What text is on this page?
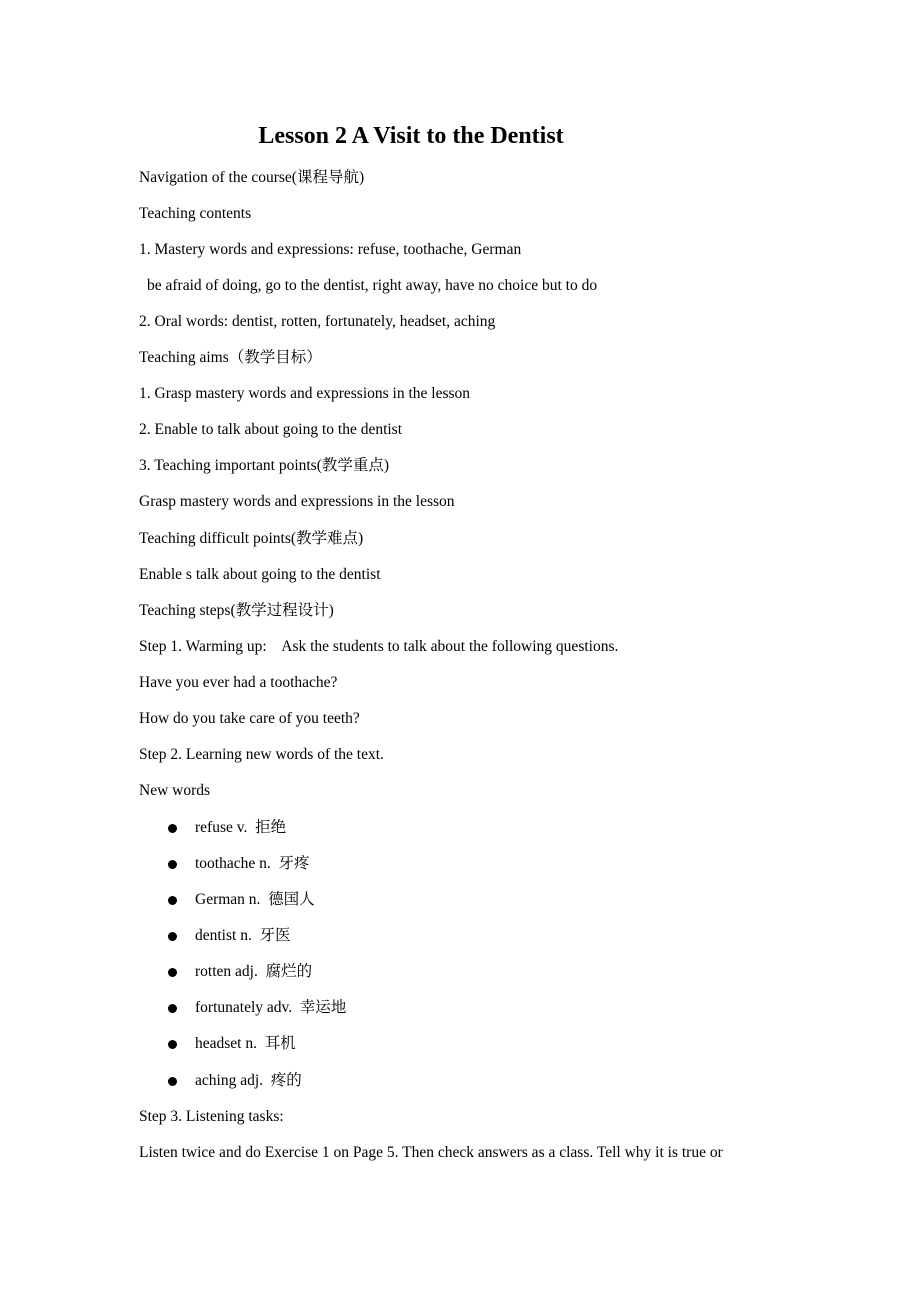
Lesson 2 A Visit to the Dentist
Navigation of the course(课程导航)
Teaching contents
1. Mastery words and expressions: refuse, toothache, German
be afraid of doing, go to the dentist, right away, have no choice but to do
2. Oral words: dentist, rotten, fortunately, headset, aching
Teaching aims（教学目标）
1. Grasp mastery words and expressions in the lesson
2. Enable to talk about going to the dentist
3. Teaching important points(教学重点)
Grasp mastery words and expressions in the lesson
Teaching difficult points(教学难点)
Enable s talk about going to the dentist
Teaching steps(教学过程设计)
Step 1. Warming up:    Ask the students to talk about the following questions.
Have you ever had a toothache?
How do you take care of you teeth?
Step 2. Learning new words of the text.
New words
refuse v.  拒绝
toothache n.  牙疼
German n.  德国人
dentist n.  牙医
rotten adj.  腐烂的
fortunately adv.  幸运地
headset n.  耳机
aching adj.  疼的
Step 3. Listening tasks:
Listen twice and do Exercise 1 on Page 5. Then check answers as a class. Tell why it is true or
